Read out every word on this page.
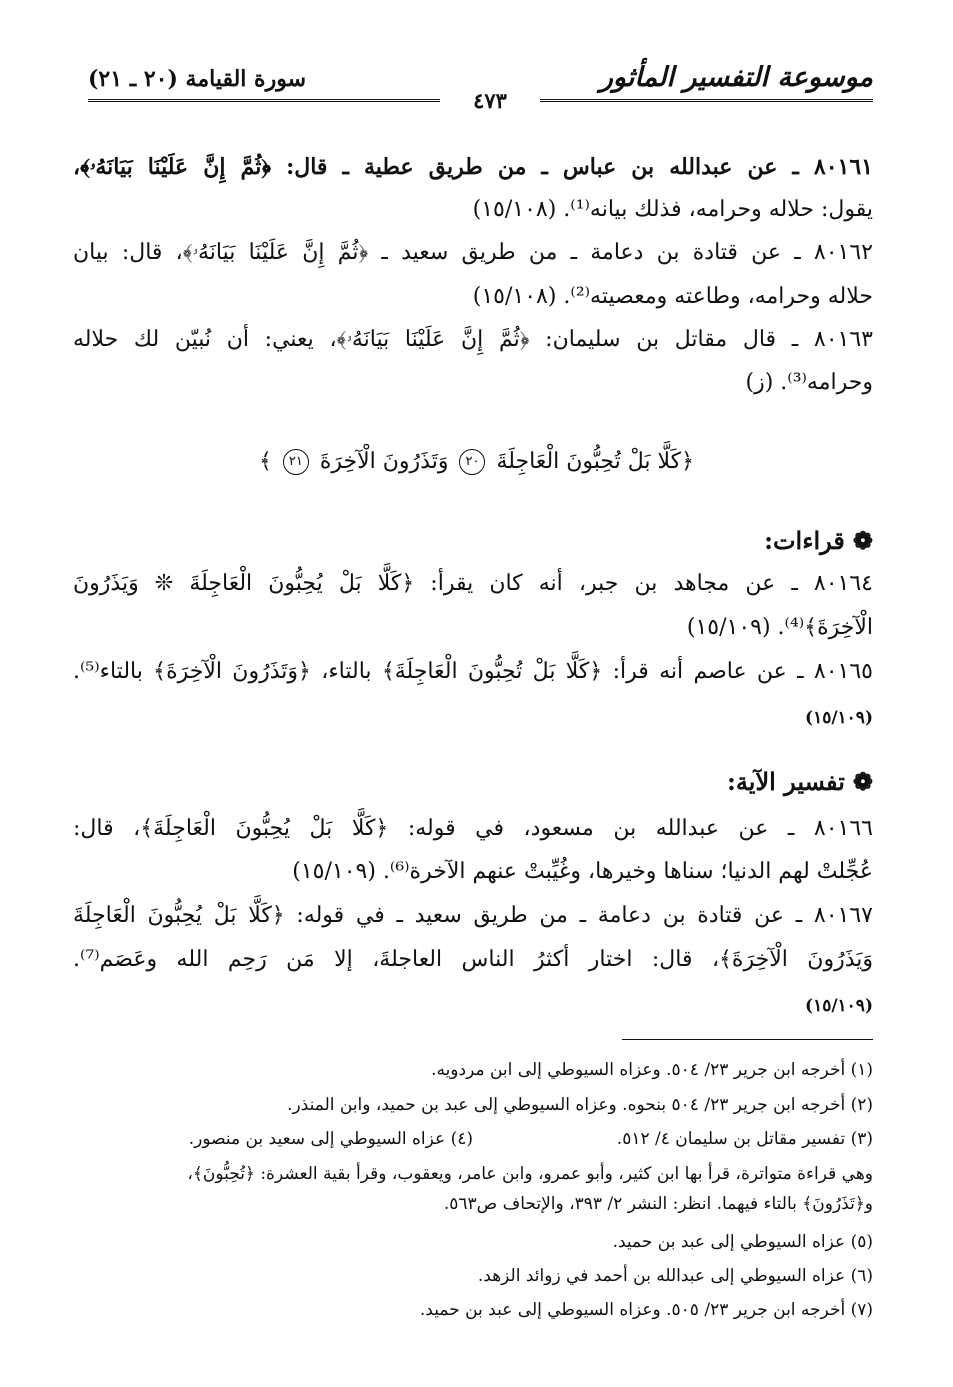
موسوعة التفسير المأثور
سورة القيامة (٢٠ ـ ٢١)
٤٧٣
٨٠١٦١ ـ عن عبدالله بن عباس ـ من طريق عطية ـ قال: ﴿ثُمَّ إِنَّ عَلَيْنَا بَيَانَهُۥ﴾،
يقول: حلاله وحرامه، فذلك بيانه⁽¹⁾. (١٥/١٠٨)
٨٠١٦٢ ـ عن قتادة بن دعامة ـ من طريق سعيد ـ ﴿ثُمَّ إِنَّ عَلَيْنَا بَيَانَهُۥ﴾، قال: بيان
حلاله وحرامه، وطاعته ومعصيته⁽²⁾. (١٥/١٠٨)
٨٠١٦٣ ـ قال مقاتل بن سليمان: ﴿ثُمَّ إِنَّ عَلَيْنَا بَيَانَهُۥ﴾، يعني: أن نُبيّن لك حلاله
وحرامه⁽³⁾. (ز)
﴿كَلَّا بَلْ تُحِبُّونَ الْعَاجِلَةَ ٢٠ وَتَذَرُونَ الْآخِرَةَ ٢١ ﴾
❁قراءات:
٨٠١٦٤ ـ عن مجاهد بن جبر، أنه كان يقرأ: ﴿كَلَّا بَلْ يُحِبُّونَ الْعَاجِلَةَ ❊ وَيَذَرُونَ
الْآخِرَةَ﴾⁽⁴⁾. (١٥/١٠٩)
٨٠١٦٥ ـ عن عاصم أنه قرأ: ﴿كَلَّا بَلْ تُحِبُّونَ الْعَاجِلَةَ﴾ بالتاء، ﴿وَتَذَرُونَ الْآخِرَةَ﴾ بالتاء⁽⁵⁾.
(١٥/١٠٩)
❁تفسير الآية:
٨٠١٦٦ ـ عن عبدالله بن مسعود، في قوله: ﴿كَلَّا بَلْ يُحِبُّونَ الْعَاجِلَةَ﴾، قال:
عُجِّلتْ لهم الدنيا؛ سناها وخيرها، وغُيِّبتْ عنهم الآخرة⁽⁶⁾. (١٥/١٠٩)
٨٠١٦٧ ـ عن قتادة بن دعامة ـ من طريق سعيد ـ في قوله: ﴿كَلَّا بَلْ يُحِبُّونَ الْعَاجِلَةَ
وَيَذَرُونَ الْآخِرَةَ﴾، قال: اختار أكثرُ الناس العاجلةَ، إلا مَن رَحِم الله وعَصَم⁽⁷⁾.
(١٥/١٠٩)
(١) أخرجه ابن جرير ٢٣/ ٥٠٤. وعزاه السيوطي إلى ابن مردويه.
(٢) أخرجه ابن جرير ٢٣/ ٥٠٤ بنحوه. وعزاه السيوطي إلى عبد بن حميد، وابن المنذر.
(٣) تفسير مقاتل بن سليمان ٤/ ٥١٢.
(٤) عزاه السيوطي إلى سعيد بن منصور.
وهي قراءة متواترة، قرأ بها ابن كثير، وأبو عمرو، وابن عامر، ويعقوب، وقرأ بقية العشرة: ﴿تُحِبُّونَ﴾،
و﴿تَذَرُونَ﴾ بالتاء فيهما. انظر: النشر ٢/ ٣٩٣، والإتحاف ص٥٦٣.
(٥) عزاه السيوطي إلى عبد بن حميد.
(٦) عزاه السيوطي إلى عبدالله بن أحمد في زوائد الزهد.
(٧) أخرجه ابن جرير ٢٣/ ٥٠٥. وعزاه السيوطي إلى عبد بن حميد.
